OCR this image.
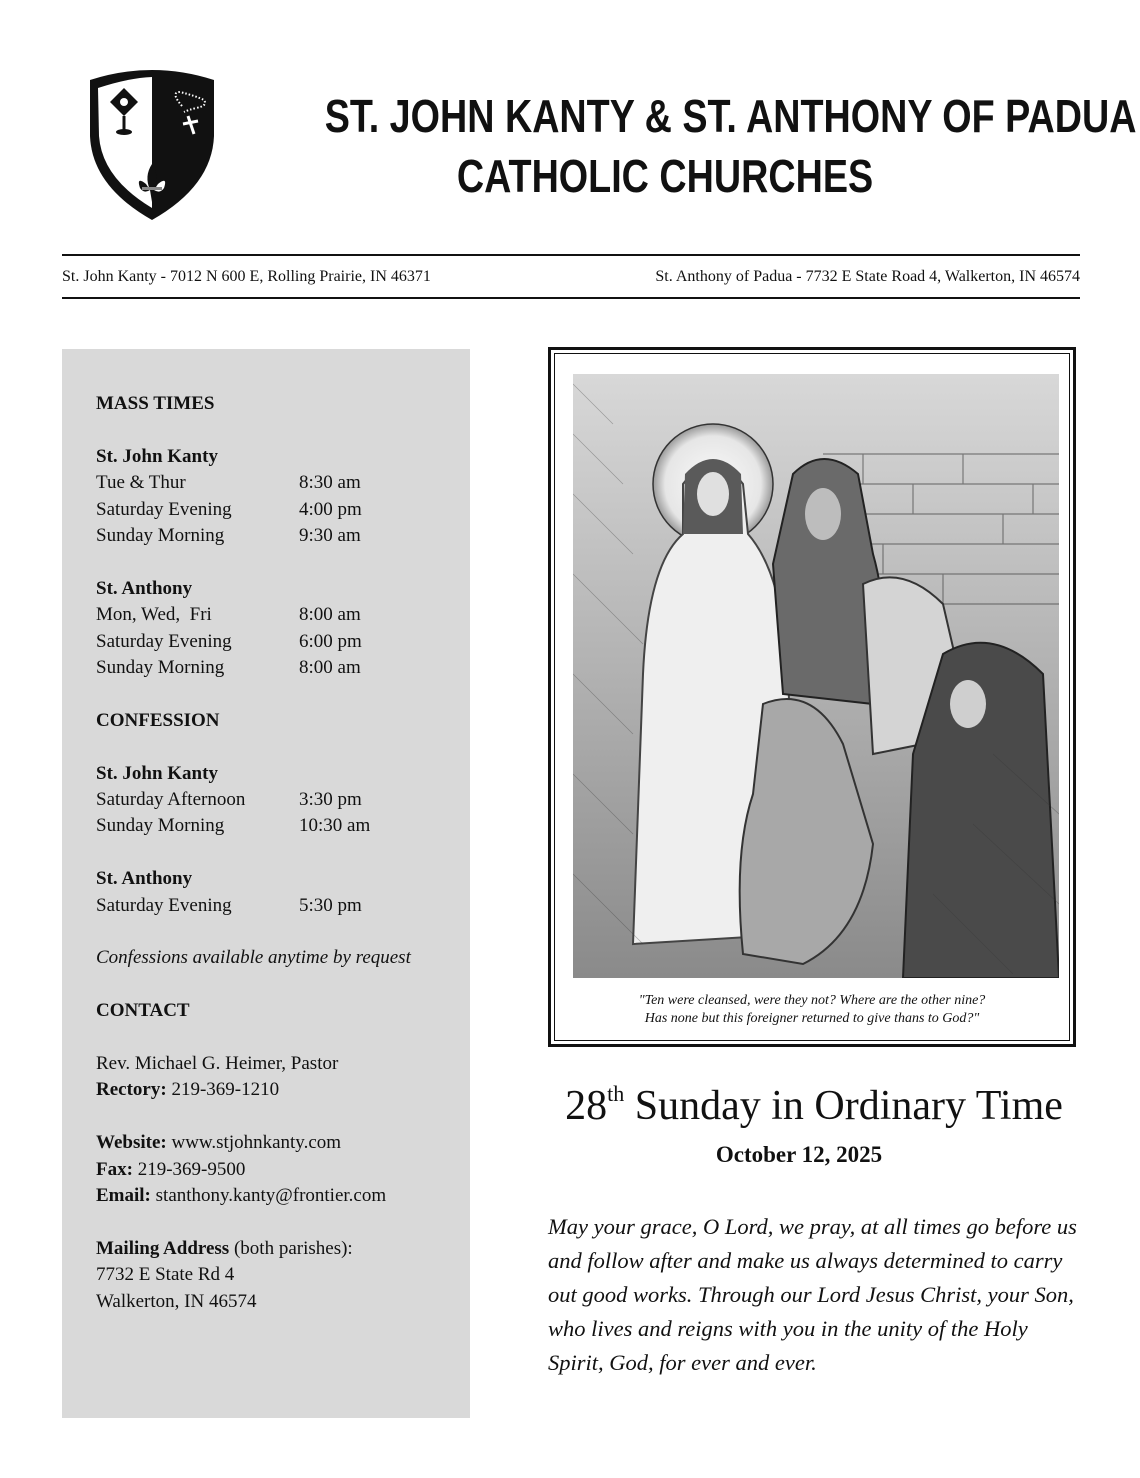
ST. JOHN KANTY & ST. ANTHONY OF PADUA
CATHOLIC CHURCHES
St. John Kanty - 7012 N 600 E, Rolling Prairie, IN 46371	St. Anthony of Padua - 7732 E State Road 4, Walkerton, IN 46574
MASS TIMES
St. John Kanty
Tue & Thur	8:30 am
Saturday Evening	4:00 pm
Sunday Morning	9:30 am
St. Anthony
Mon, Wed,  Fri	8:00 am
Saturday Evening	6:00 pm
Sunday Morning	8:00 am
CONFESSION
St. John Kanty
Saturday Afternoon	3:30 pm
Sunday Morning	10:30 am
St. Anthony
Saturday Evening	5:30 pm
Confessions available anytime by request
CONTACT
Rev. Michael G. Heimer, Pastor
Rectory: 219-369-1210
Website: www.stjohnkanty.com
Fax: 219-369-9500
Email: stanthony.kanty@frontier.com
Mailing Address (both parishes):
7732 E State Rd 4
Walkerton, IN 46574
"Ten were cleansed, were they not? Where are the other nine?
Has none but this foreigner returned to give thans to God?"
28th Sunday in Ordinary Time
October 12, 2025
May your grace, O Lord, we pray, at all times go before us and follow after and make us always determined to carry out good works. Through our Lord Jesus Christ, your Son, who lives and reigns with you in the unity of the Holy Spirit, God, for ever and ever.
